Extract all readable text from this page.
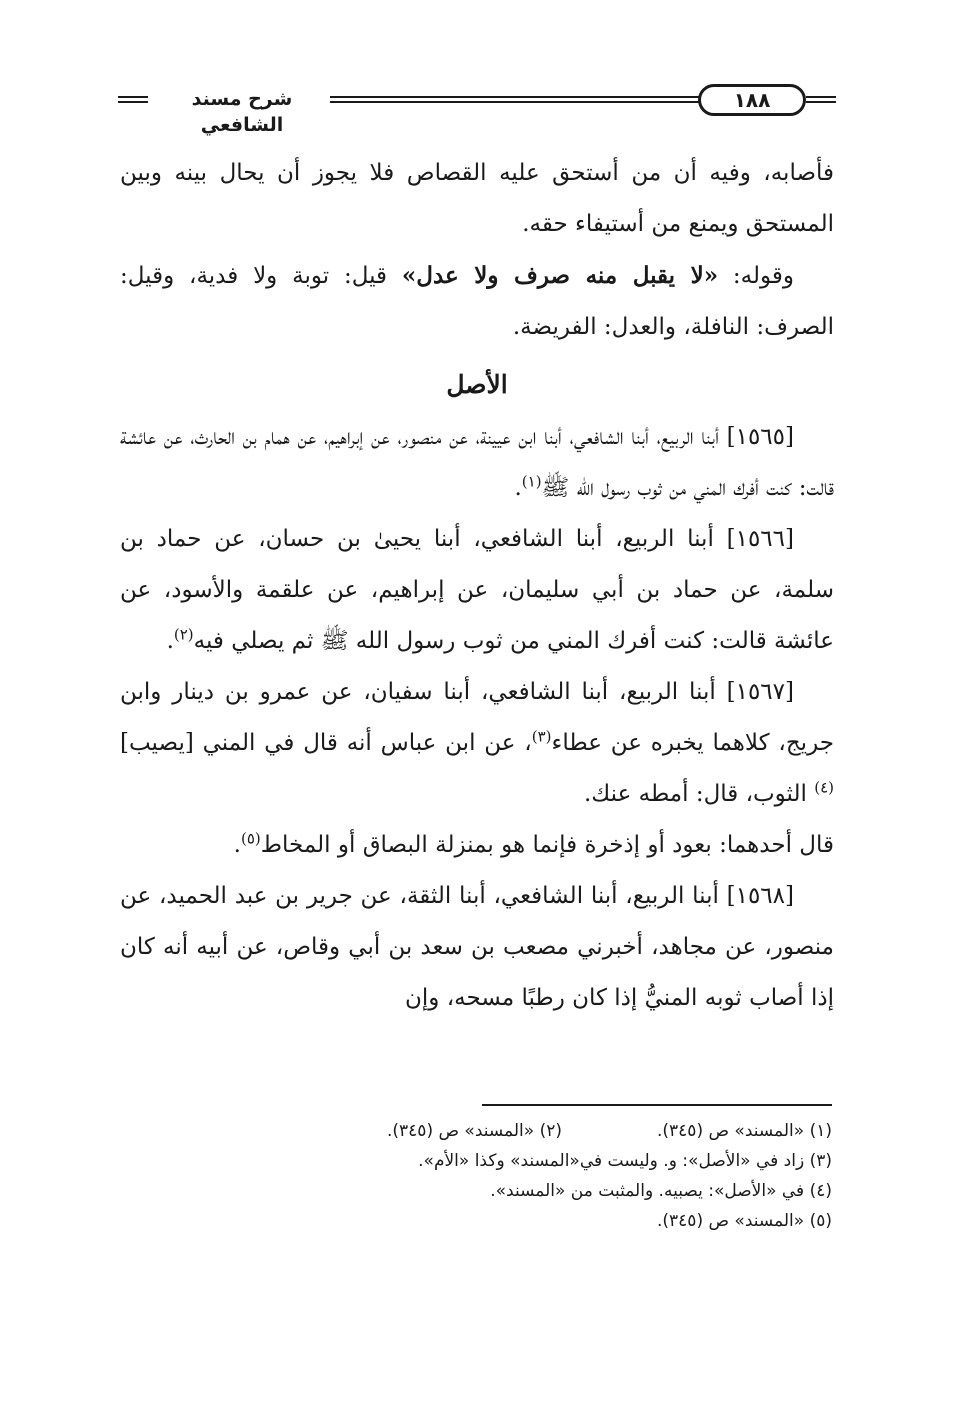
شرح مسند الشافعي
١٨٨

فأصابه، وفيه أن من أستحق عليه القصاص فلا يجوز أن يحال بينه وبين المستحق ويمنع من أستيفاء حقه.

وقوله: «لا يقبل منه صرف ولا عدل» قيل: توبة ولا فدية، وقيل: الصرف: النافلة، والعدل: الفريضة.

الأصل

[١٥٦٥] أبنا الربيع، أبنا الشافعي، أبنا ابن عيينة، عن منصور، عن إبراهيم، عن همام بن الحارث، عن عائشة قالت: كنت أفرك المني من ثوب رسول الله ﷺ$^{(١)}$.

[١٥٦٦] أبنا الربيع، أبنا الشافعي، أبنا يحيىٰ بن حسان، عن حماد بن سلمة، عن حماد بن أبي سليمان، عن إبراهيم، عن علقمة والأسود، عن عائشة قالت: كنت أفرك المني من ثوب رسول الله ﷺ ثم يصلي فيه$^{(٢)}$.

[١٥٦٧] أبنا الربيع، أبنا الشافعي، أبنا سفيان، عن عمرو بن دينار وابن جريج، كلاهما يخبره عن عطاء$^{(٣)}$، عن ابن عباس أنه قال في المني [يصيب]$^{(٤)}$ الثوب، قال: أمطه عنك.

قال أحدهما: بعود أو إذخرة فإنما هو بمنزلة البصاق أو المخاط$^{(٥)}$.

[١٥٦٨] أبنا الربيع، أبنا الشافعي، أبنا الثقة، عن جرير بن عبد الحميد، عن منصور، عن مجاهد، أخبرني مصعب بن سعد بن أبي وقاص، عن أبيه أنه كان إذا أصاب ثوبه المنيُّ إذا كان رطبًا مسحه، وإن

(١) «المسند» ص (٣٤٥).
(٢) «المسند» ص (٣٤٥).
(٣) زاد في «الأصل»: و. وليست في«المسند» وكذا «الأم».
(٤) في «الأصل»: يصبيه. والمثبت من «المسند».
(٥) «المسند» ص (٣٤٥).
